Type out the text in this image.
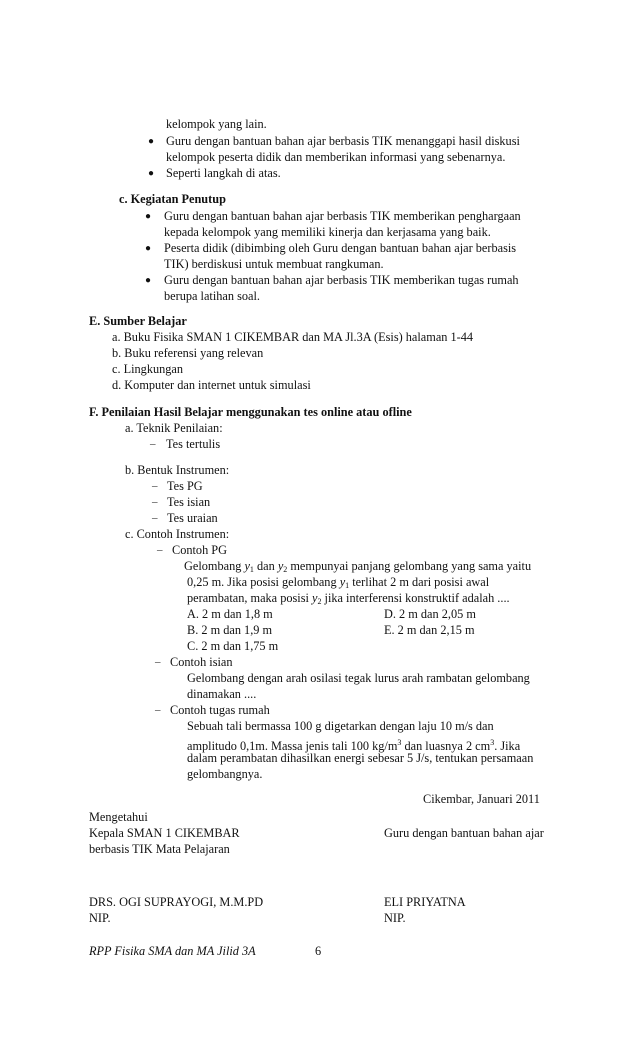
kelompok yang lain.
● Guru dengan bantuan bahan ajar berbasis TIK menanggapi hasil diskusi
kelompok peserta didik dan memberikan informasi yang sebenarnya.
● Seperti langkah di atas.
c. Kegiatan Penutup
● Guru dengan bantuan bahan ajar berbasis TIK memberikan penghargaan
kepada kelompok yang memiliki kinerja dan kerjasama yang baik.
● Peserta didik (dibimbing oleh Guru dengan bantuan bahan ajar berbasis
TIK) berdiskusi untuk membuat rangkuman.
● Guru dengan bantuan bahan ajar berbasis TIK memberikan tugas rumah
berupa latihan soal.
E. Sumber Belajar
a. Buku Fisika SMAN 1 CIKEMBAR dan MA Jl.3A (Esis) halaman 1-44
b. Buku referensi yang relevan
c. Lingkungan
d. Komputer dan internet untuk simulasi
F. Penilaian Hasil Belajar menggunakan tes online atau ofline
a. Teknik Penilaian:
– Tes tertulis
b. Bentuk Instrumen:
– Tes PG
– Tes isian
– Tes uraian
c. Contoh Instrumen:
– Contoh PG
Gelombang $y_1$ dan $y_2$ mempunyai panjang gelombang yang sama yaitu
0,25 m. Jika posisi gelombang $y_1$ terlihat 2 m dari posisi awal
perambatan, maka posisi $y_2$ jika interferensi konstruktif adalah ....
A. 2 m dan 1,8 m	D. 2 m dan 2,05 m
B. 2 m dan 1,9 m	E. 2 m dan 2,15 m
C. 2 m dan 1,75 m
– Contoh isian
Gelombang dengan arah osilasi tegak lurus arah rambatan gelombang
dinamakan ....
– Contoh tugas rumah
Sebuah tali bermassa 100 g digetarkan dengan laju 10 m/s dan
amplitudo 0,1m. Massa jenis tali 100 $kg/m^3$ dan luasnya 2 $cm^3$. Jika
dalam perambatan dihasilkan energi sebesar 5 J/s, tentukan persamaan
gelombangnya.
Cikembar, Januari 2011
Mengetahui
Kepala SMAN 1 CIKEMBAR	Guru dengan bantuan bahan ajar
berbasis TIK Mata Pelajaran
DRS. OGI SUPRAYOGI, M.M.PD	ELI PRIYATNA
NIP.	NIP.
RPP Fisika SMA dan MA Jilid 3A	6
